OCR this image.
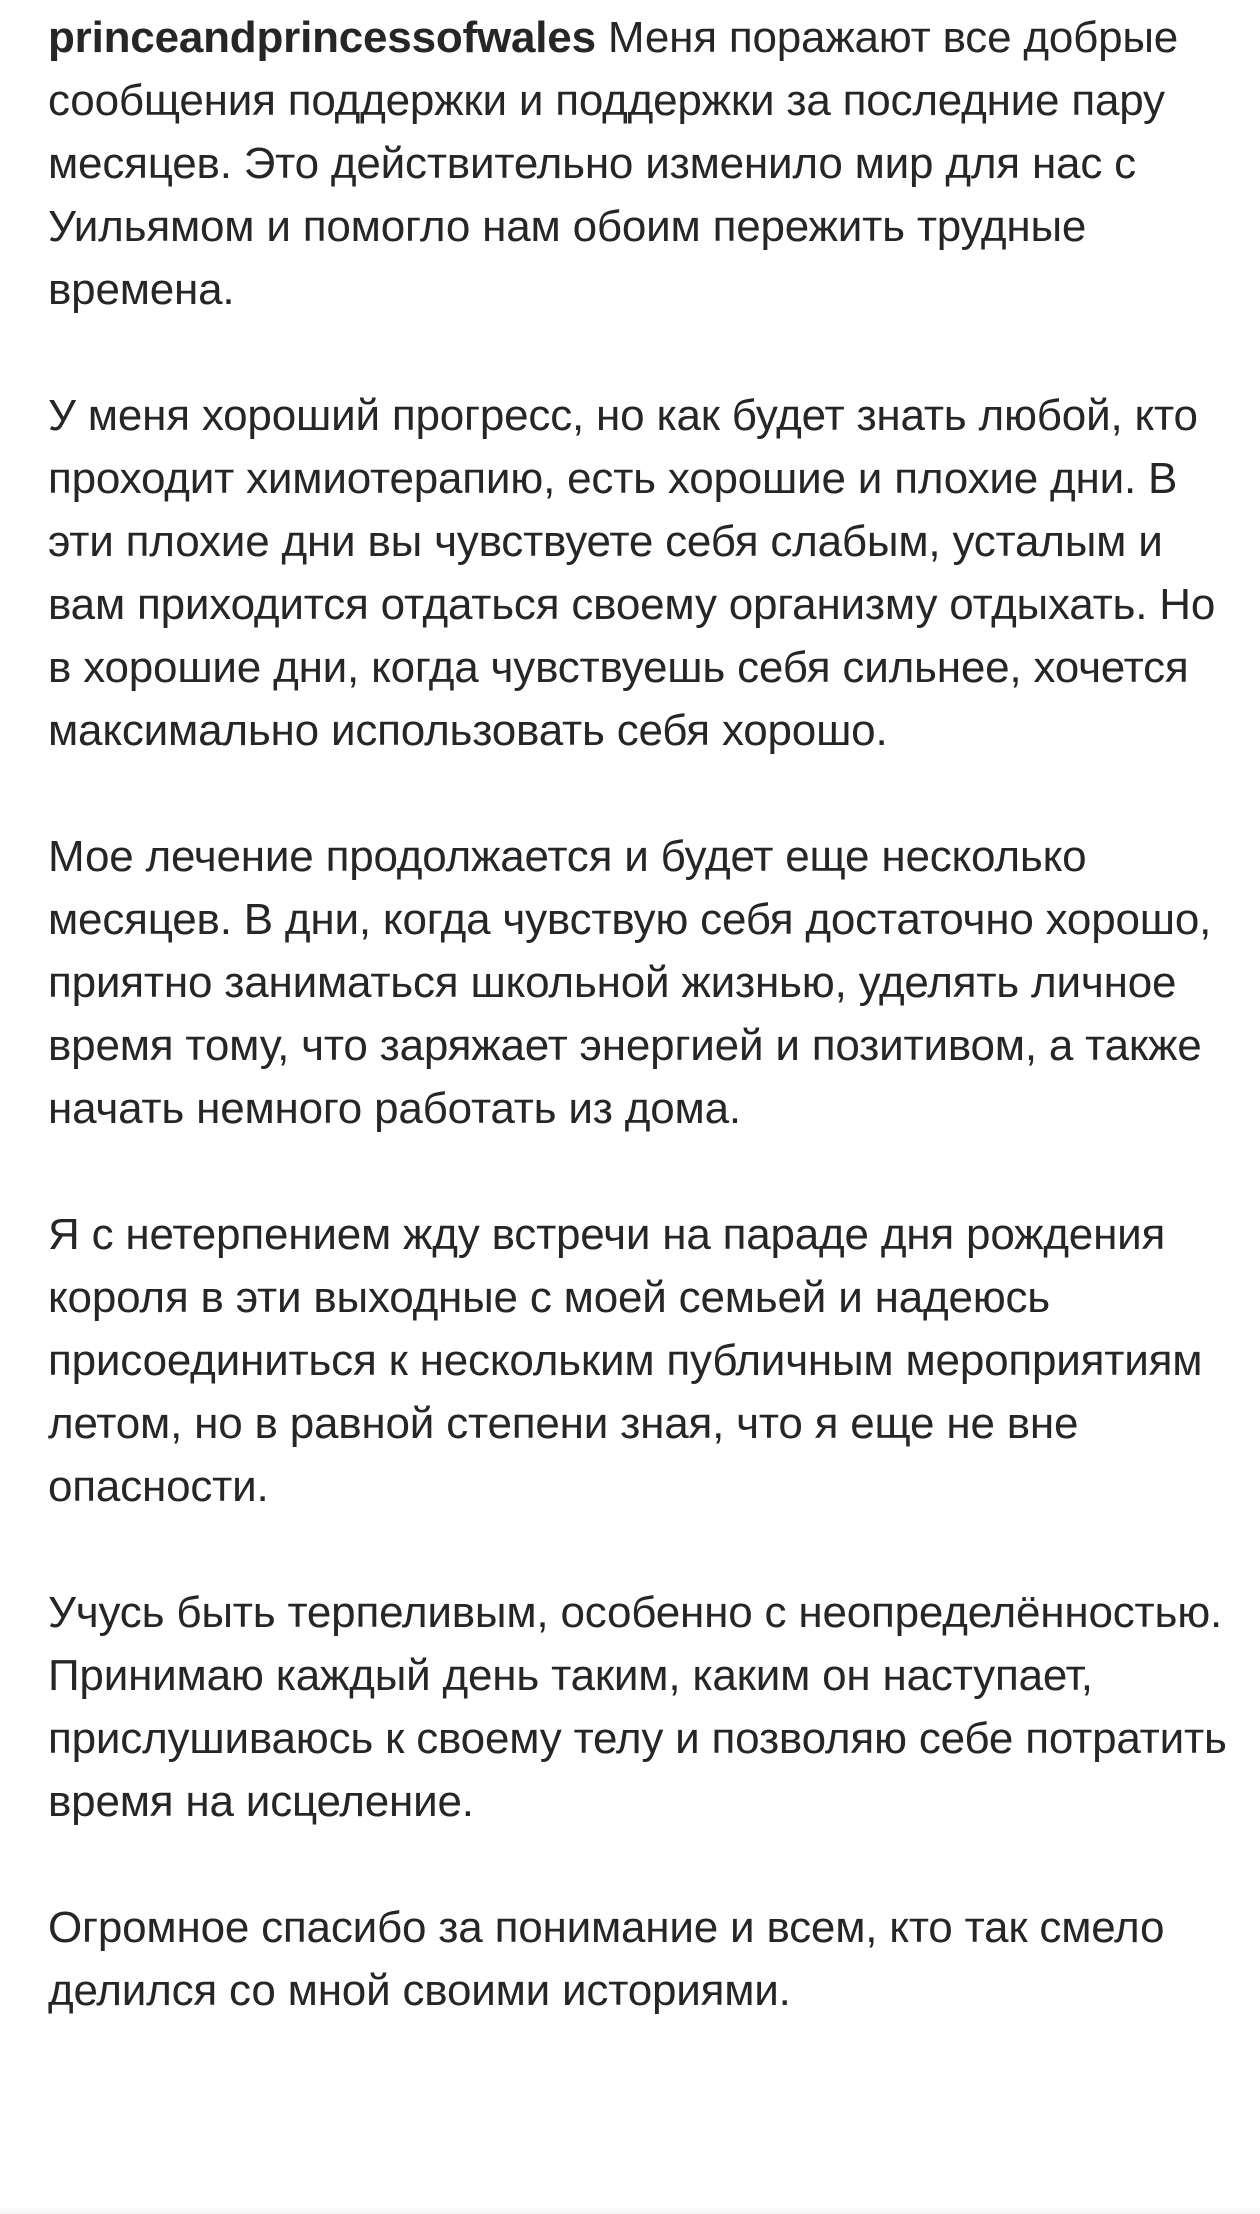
princeandprincessofwales Меня поражают все добрые сообщения поддержки и поддержки за последние пару месяцев. Это действительно изменило мир для нас с Уильямом и помогло нам обоим пережить трудные времена.

У меня хороший прогресс, но как будет знать любой, кто проходит химиотерапию, есть хорошие и плохие дни. В эти плохие дни вы чувствуете себя слабым, усталым и вам приходится отдаться своему организму отдыхать. Но в хорошие дни, когда чувствуешь себя сильнее, хочется максимально использовать себя хорошо.

Мое лечение продолжается и будет еще несколько месяцев. В дни, когда чувствую себя достаточно хорошо, приятно заниматься школьной жизнью, уделять личное время тому, что заряжает энергией и позитивом, а также начать немного работать из дома.

Я с нетерпением жду встречи на параде дня рождения короля в эти выходные с моей семьей и надеюсь присоединиться к нескольким публичным мероприятиям летом, но в равной степени зная, что я еще не вне опасности.

Учусь быть терпеливым, особенно с неопределённостью. Принимаю каждый день таким, каким он наступает, прислушиваюсь к своему телу и позволяю себе потратить время на исцеление.

Огромное спасибо за понимание и всем, кто так смело делился со мной своими историями.
